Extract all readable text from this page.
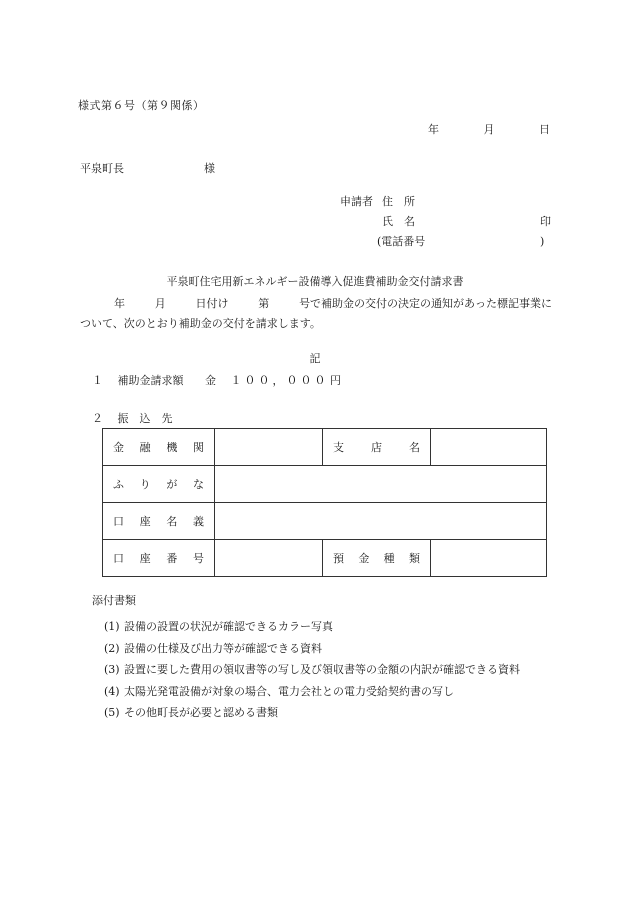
様式第６号（第９関係）
年	月	日
平泉町長	様
申請者 住　所
氏　名	印
(電話番号	)
平泉町住宅用新エネルギー設備導入促進費補助金交付請求書
年	月	日付け	第	号で補助金の交付の決定の通知があった標記事業に
ついて、次のとおり補助金の交付を請求します。
記
１ 補助金請求額 金 １００，０００ 円
２ 振　込　先
金 融 機 関		支 店 名	

ふ り が な			

口 座 名 義			

口 座 番 号		預 金 種 類	

添付書類
(1) 設備の設置の状況が確認できるカラー写真
(2) 設備の仕様及び出力等が確認できる資料
(3) 設置に要した費用の領収書等の写し及び領収書等の金額の内訳が確認できる資料
(4) 太陽光発電設備が対象の場合、電力会社との電力受給契約書の写し
(5) その他町長が必要と認める書類
